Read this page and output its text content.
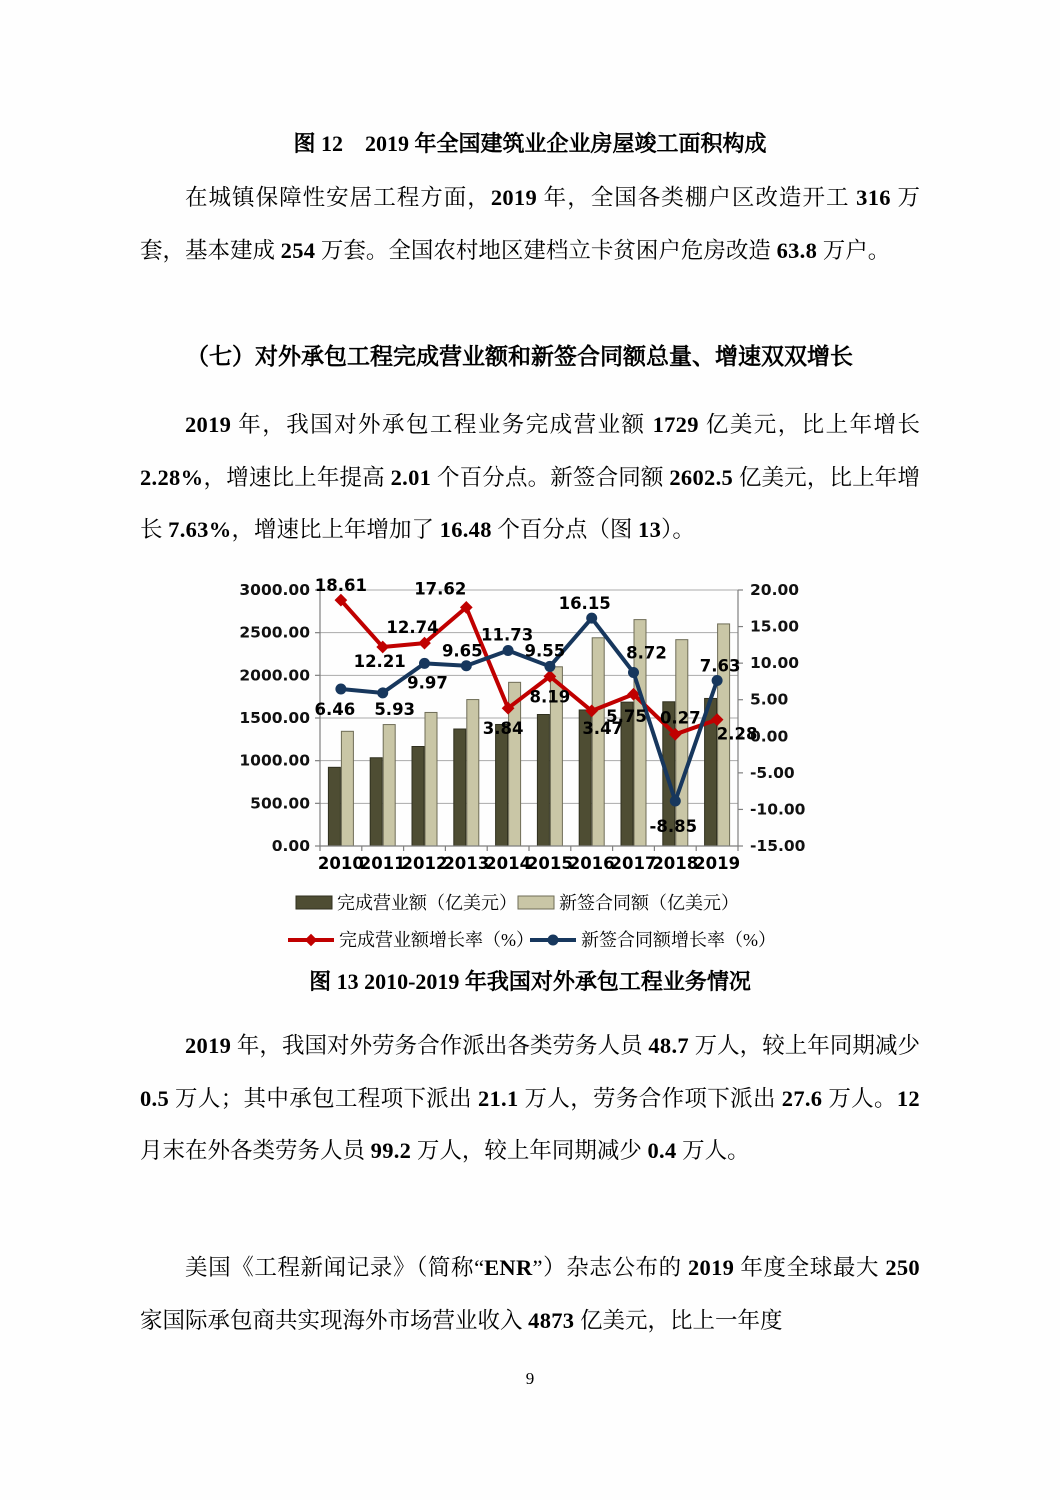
图 12　2019 年全国建筑业企业房屋竣工面积构成
在城镇保障性安居工程方面，2019 年，全国各类棚户区改造开工 316 万套，基本建成 254 万套。全国农村地区建档立卡贫困户危房改造 63.8 万户。
（七）对外承包工程完成营业额和新签合同额总量、增速双双增长
2019 年，我国对外承包工程业务完成营业额 1729 亿美元，比上年增长 2.28%，增速比上年提高 2.01 个百分点。新签合同额 2602.5 亿美元，比上年增长 7.63%，增速比上年增加了 16.48 个百分点（图 13）。
0.00
500.00
1000.00
1500.00
2000.00
2500.00
3000.00
-15.00
-10.00
-5.00
0.00
5.00
10.00
15.00
20.00
2010
2011
2012
2013
2014
2015
2016
2017
2018
2019
18.61
12.21
12.74
17.62
3.84
8.19
3.47
5.75 0.27
2.28
6.46 5.93
9.97
9.65
11.73
9.55
16.15
8.72
-8.85
7.63
完成营业额（亿美元） 新签合同额（亿美元）
完成营业额增长率（%）	新签合同额增长率（%）
图 13 2010-2019 年我国对外承包工程业务情况
2019 年，我国对外劳务合作派出各类劳务人员 48.7 万人，较上年同期减少 0.5 万人；其中承包工程项下派出 21.1 万人，劳务合作项下派出 27.6 万人。12 月末在外各类劳务人员 99.2 万人，较上年同期减少 0.4 万人。
美国《工程新闻记录》（简称“ENR”）杂志公布的 2019 年度全球最大 250 家国际承包商共实现海外市场营业收入 4873 亿美元，比上一年度
9
